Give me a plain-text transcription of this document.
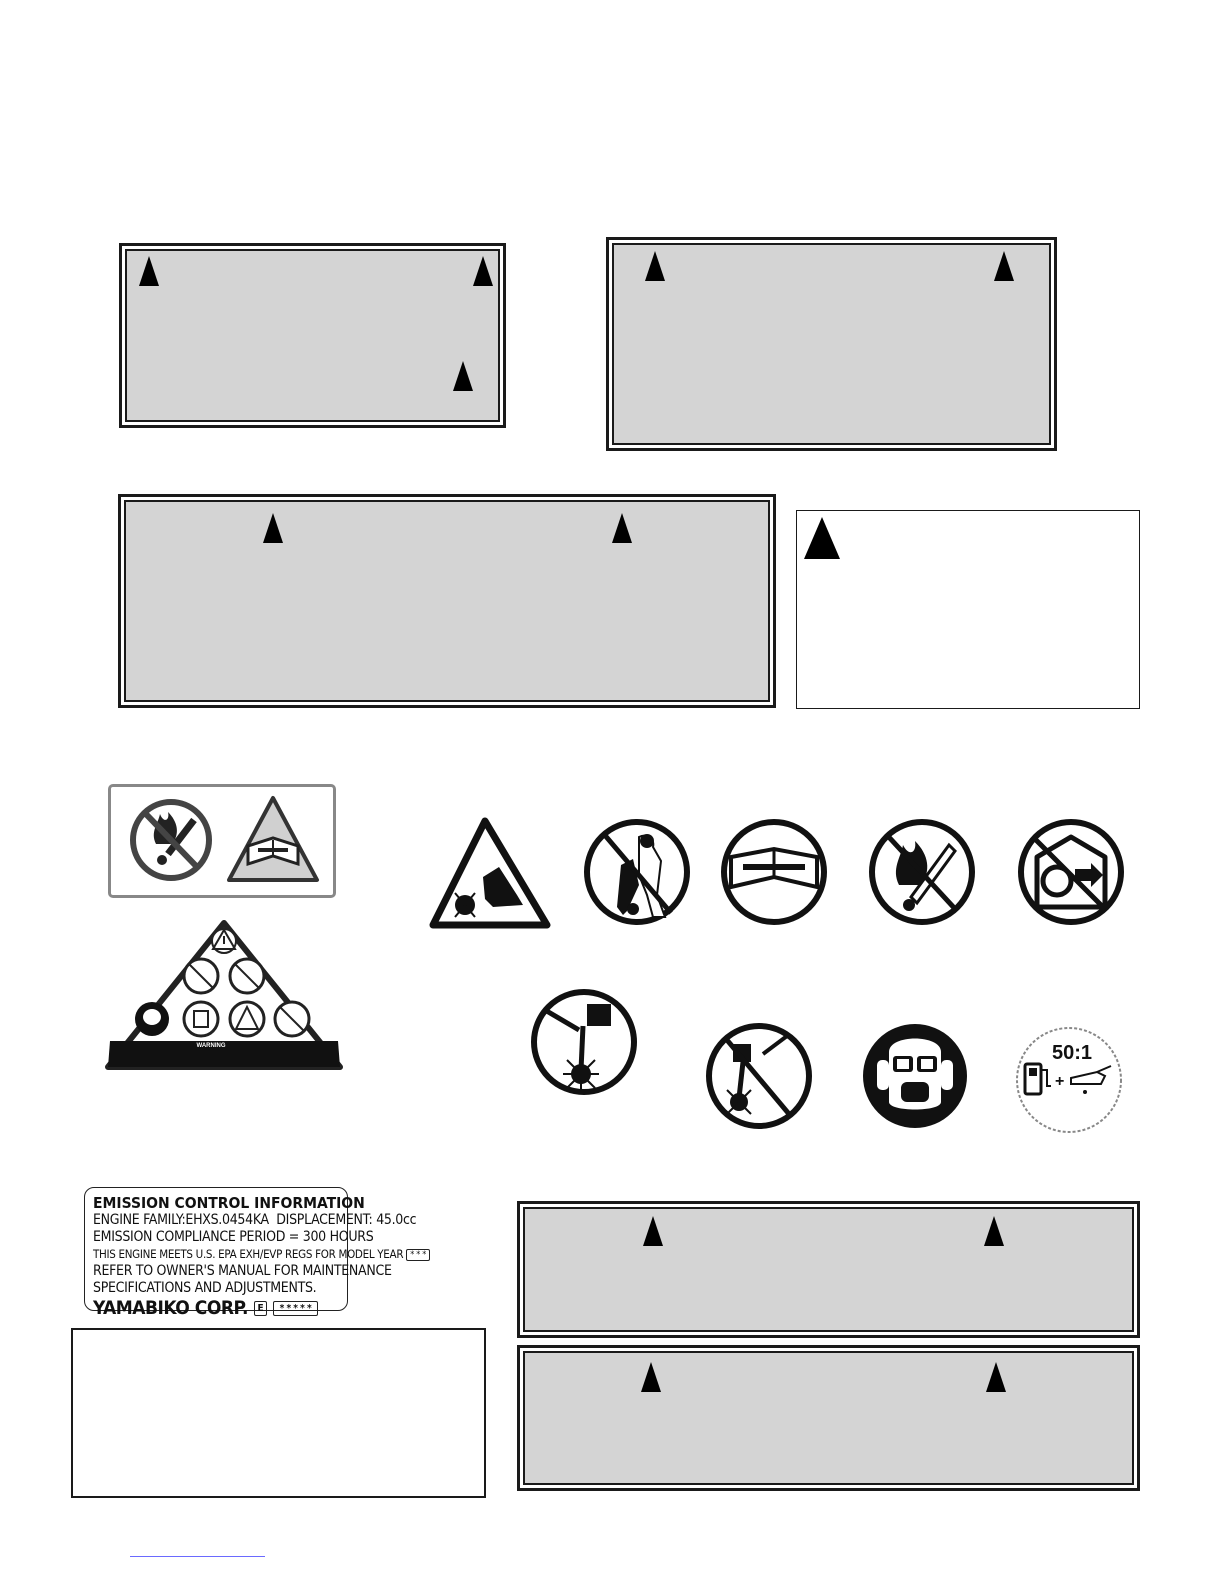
WARNING
+
50:1
EMISSION CONTROL INFORMATION
ENGINE FAMILY:EHXS.0454KA DISPLACEMENT: 45.0cc
EMISSION COMPLIANCE PERIOD = 300 HOURS
THIS ENGINE MEETS U.S. EPA EXH/EVP REGS FOR MODEL YEAR * * *
REFER TO OWNER'S MANUAL FOR MAINTENANCE
SPECIFICATIONS AND ADJUSTMENTS.
YAMABIKO CORP. E * * * * *
